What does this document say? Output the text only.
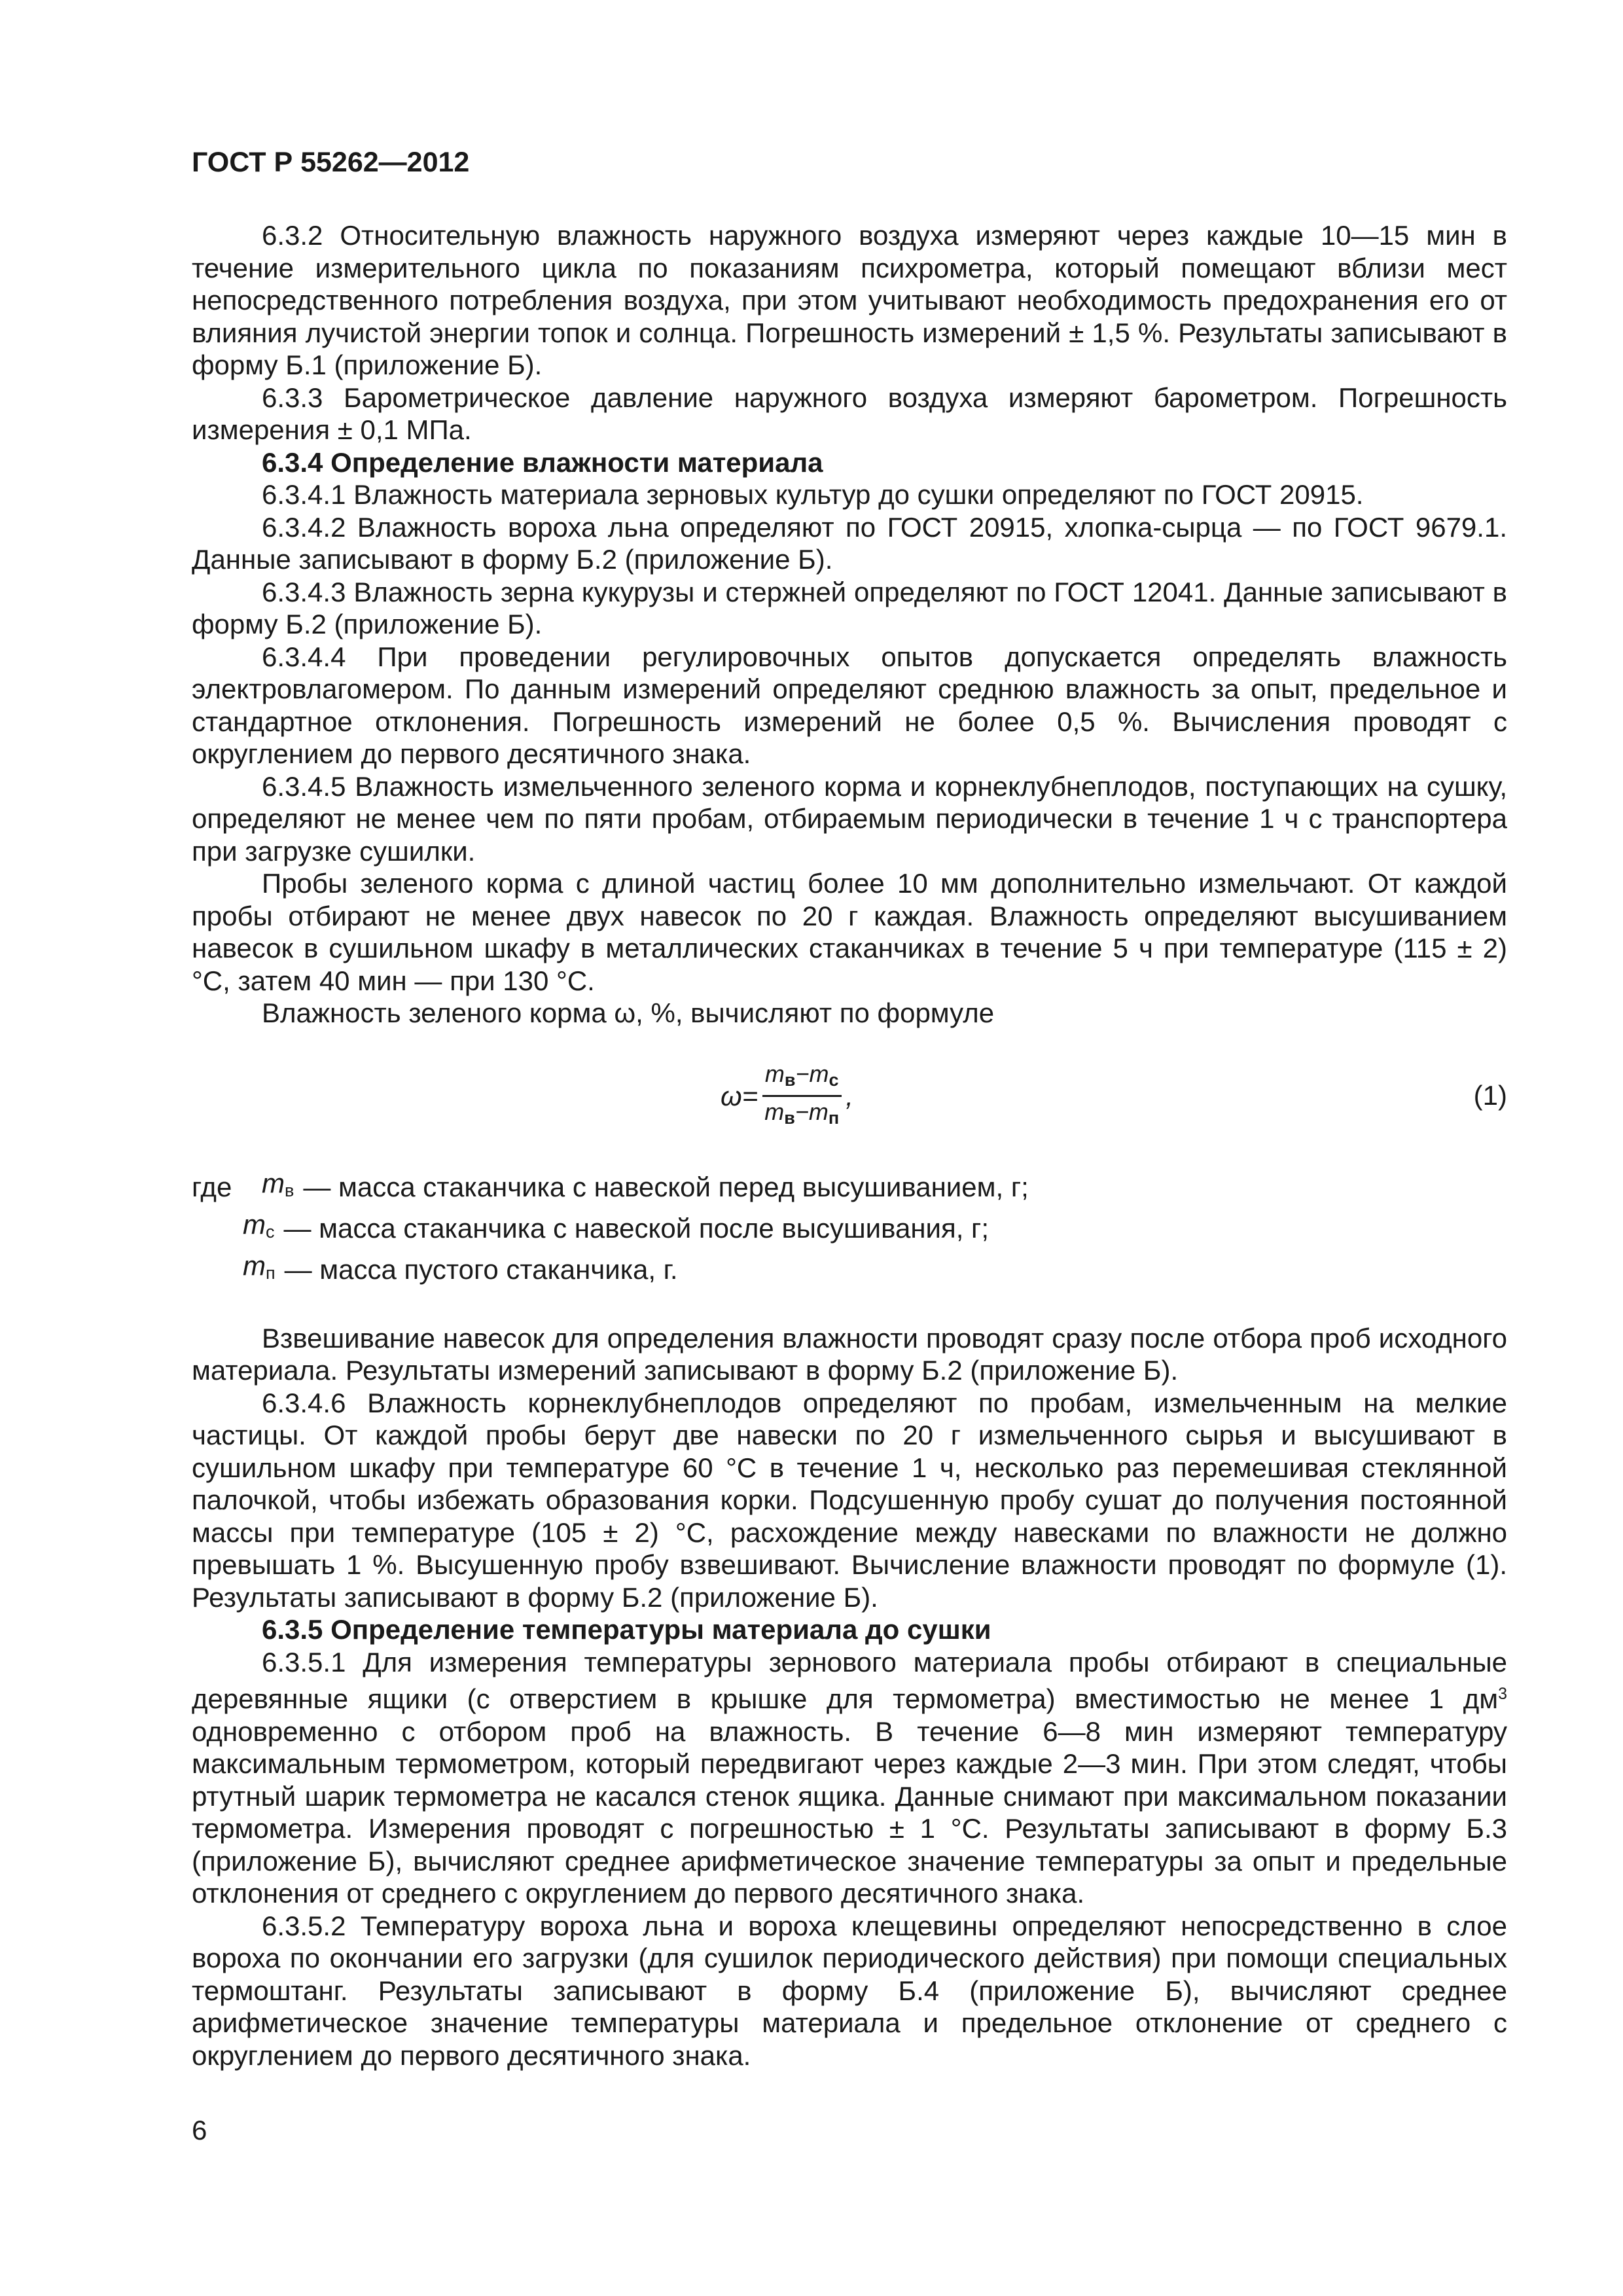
ГОСТ Р 55262—2012

6.3.2 Относительную влажность наружного воздуха измеряют через каждые 10—15 мин в течение измерительного цикла по показаниям психрометра, который помещают вблизи мест непосредственного потребления воздуха, при этом учитывают необходимость предохранения его от влияния лучистой энергии топок и солнца. Погрешность измерений ± 1,5 %. Результаты записывают в форму Б.1 (приложение Б).

6.3.3 Барометрическое давление наружного воздуха измеряют барометром. Погрешность измерения ± 0,1 МПа.

6.3.4 Определение влажности материала

6.3.4.1 Влажность материала зерновых культур до сушки определяют по ГОСТ 20915.

6.3.4.2 Влажность вороха льна определяют по ГОСТ 20915, хлопка-сырца — по ГОСТ 9679.1. Данные записывают в форму Б.2 (приложение Б).

6.3.4.3 Влажность зерна кукурузы и стержней определяют по ГОСТ 12041. Данные записывают в форму Б.2 (приложение Б).

6.3.4.4 При проведении регулировочных опытов допускается определять влажность электровлагомером. По данным измерений определяют среднюю влажность за опыт, предельное и стандартное отклонения. Погрешность измерений не более 0,5 %. Вычисления проводят с округлением до первого десятичного знака.

6.3.4.5 Влажность измельченного зеленого корма и корнеклубнеплодов, поступающих на сушку, определяют не менее чем по пяти пробам, отбираемым периодически в течение 1 ч с транспортера при загрузке сушилки.

Пробы зеленого корма с длиной частиц более 10 мм дополнительно измельчают. От каждой пробы отбирают не менее двух навесок по 20 г каждая. Влажность определяют высушиванием навесок в сушильном шкафу в металлических стаканчиках в течение 5 ч при температуре (115 ± 2) °С, затем 40 мин — при 130 °С.

Влажность зеленого корма ω, %, вычисляют по формуле

$\omega = \frac{m_в-m_с}{m_в-m_п}$ ,	(1)
где	$m_в$ — масса стаканчика с навеской перед высушиванием, г;
$m_с$ — масса стаканчика с навеской после высушивания, г;
$m_п$ — масса пустого стаканчика, г.

Взвешивание навесок для определения влажности проводят сразу после отбора проб исходного материала. Результаты измерений записывают в форму Б.2 (приложение Б).

6.3.4.6 Влажность корнеклубнеплодов определяют по пробам, измельченным на мелкие частицы. От каждой пробы берут две навески по 20 г измельченного сырья и высушивают в сушильном шкафу при температуре 60 °С в течение 1 ч, несколько раз перемешивая стеклянной палочкой, чтобы избежать образования корки. Подсушенную пробу сушат до получения постоянной массы при температуре (105 ± 2) °С, расхождение между навесками по влажности не должно превышать 1 %. Высушенную пробу взвешивают. Вычисление влажности проводят по формуле (1). Результаты записывают в форму Б.2 (приложение Б).

6.3.5 Определение температуры материала до сушки

6.3.5.1 Для измерения температуры зернового материала пробы отбирают в специальные деревянные ящики (с отверстием в крышке для термометра) вместимостью не менее 1 $дм^3$ одновременно с отбором проб на влажность. В течение 6—8 мин измеряют температуру максимальным термометром, который передвигают через каждые 2—3 мин. При этом следят, чтобы ртутный шарик термометра не касался стенок ящика. Данные снимают при максимальном показании термометра. Измерения проводят с погрешностью ± 1 °С. Результаты записывают в форму Б.3 (приложение Б), вычисляют среднее арифметическое значение температуры за опыт и предельные отклонения от среднего с округлением до первого десятичного знака.

6.3.5.2 Температуру вороха льна и вороха клещевины определяют непосредственно в слое вороха по окончании его загрузки (для сушилок периодического действия) при помощи специальных термоштанг. Результаты записывают в форму Б.4 (приложение Б), вычисляют среднее арифметическое значение температуры материала и предельное отклонение от среднего с округлением до первого десятичного знака.

6
